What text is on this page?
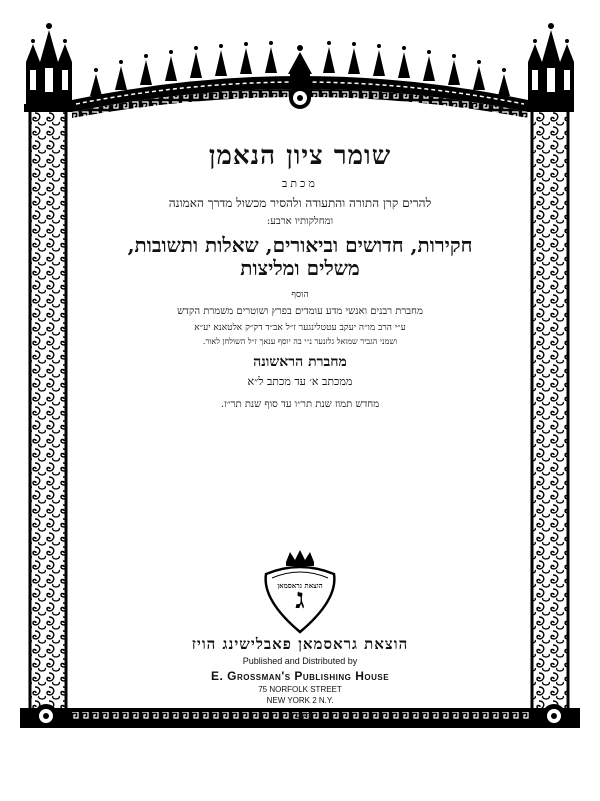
שומר ציון הנאמן
מכתב
להרים קרן התורה והתעודה ולהסיר מכשול מדרך האמונה
ומחלקותיו ארבע:
חקירות, חדושים וביאורים, שאלות ותשובות,
משלים ומליצות
הוסף
מחברת רבנים ואנשי מדע עומדים בפרץ ושוטרים משמרת הקדש
ע״י הרב מו״ה יעקב עטטלינגער ז״ל אב״ד דק״ק אלטאנא יע״א
ושמני הגביר שמואל גלזנער נ״י בה יוסף ענאך ז״ל השולחן לאור.
מחברת הראשונה
ממכתב א׳ עד מכתב ל״א
מחדש תמוז שנת תר״ו עד סוף שנת תר״ז.
ג
הוצאת גראסמאן
הוצאת גראסמאן פאבלישינג הויז
Published and Distributed by
E. Grossman's Publishing House
75 NORFOLK STREET
NEW YORK 2 N.Y.
תשכ״ג
